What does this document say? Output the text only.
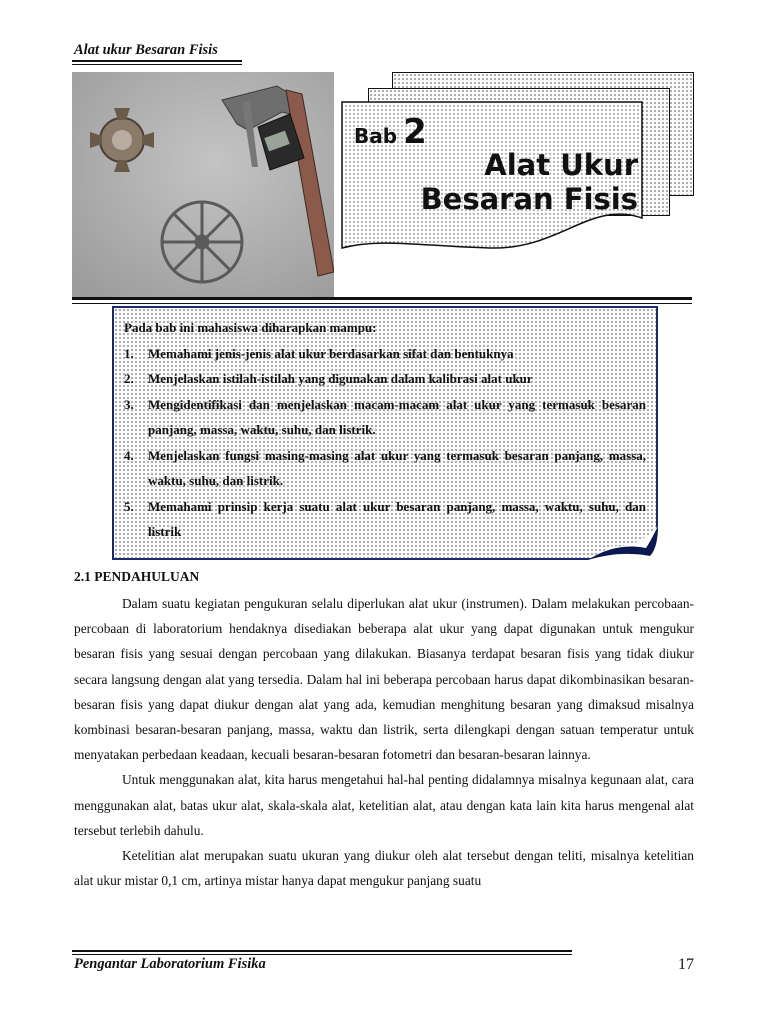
Alat ukur Besaran Fisis
Bab 2
Alat Ukur
Besaran Fisis
Pada bab ini mahasiswa diharapkan mampu:
1. Memahami jenis-jenis alat ukur berdasarkan sifat dan bentuknya
2. Menjelaskan istilah-istilah yang digunakan dalam kalibrasi alat ukur
3. Mengidentifikasi dan menjelaskan macam-macam alat ukur yang termasuk besaran panjang, massa, waktu, suhu, dan listrik.
4. Menjelaskan fungsi masing-masing alat ukur yang termasuk besaran panjang, massa, waktu, suhu, dan listrik.
5. Memahami prinsip kerja suatu alat ukur besaran panjang, massa, waktu, suhu, dan listrik
2.1 PENDAHULUAN

Dalam suatu kegiatan pengukuran selalu diperlukan alat ukur (instrumen). Dalam melakukan percobaan-percobaan di laboratorium hendaknya disediakan beberapa alat ukur yang dapat digunakan untuk mengukur besaran fisis yang sesuai dengan percobaan yang dilakukan. Biasanya terdapat besaran fisis yang tidak diukur secara langsung dengan alat yang tersedia. Dalam hal ini beberapa percobaan harus dapat dikombinasikan besaran-besaran fisis yang dapat diukur dengan alat yang ada, kemudian menghitung besaran yang dimaksud misalnya kombinasi besaran-besaran panjang, massa, waktu dan listrik, serta dilengkapi dengan satuan temperatur untuk menyatakan perbedaan keadaan, kecuali besaran-besaran fotometri dan besaran-besaran lainnya.

Untuk menggunakan alat, kita harus mengetahui hal-hal penting didalamnya misalnya kegunaan alat, cara menggunakan alat, batas ukur alat, skala-skala alat, ketelitian alat, atau dengan kata lain kita harus mengenal alat tersebut terlebih dahulu.

Ketelitian alat merupakan suatu ukuran yang diukur oleh alat tersebut dengan teliti, misalnya ketelitian alat ukur mistar 0,1 cm, artinya mistar hanya dapat mengukur panjang suatu

Pengantar Laboratorium Fisika	17
